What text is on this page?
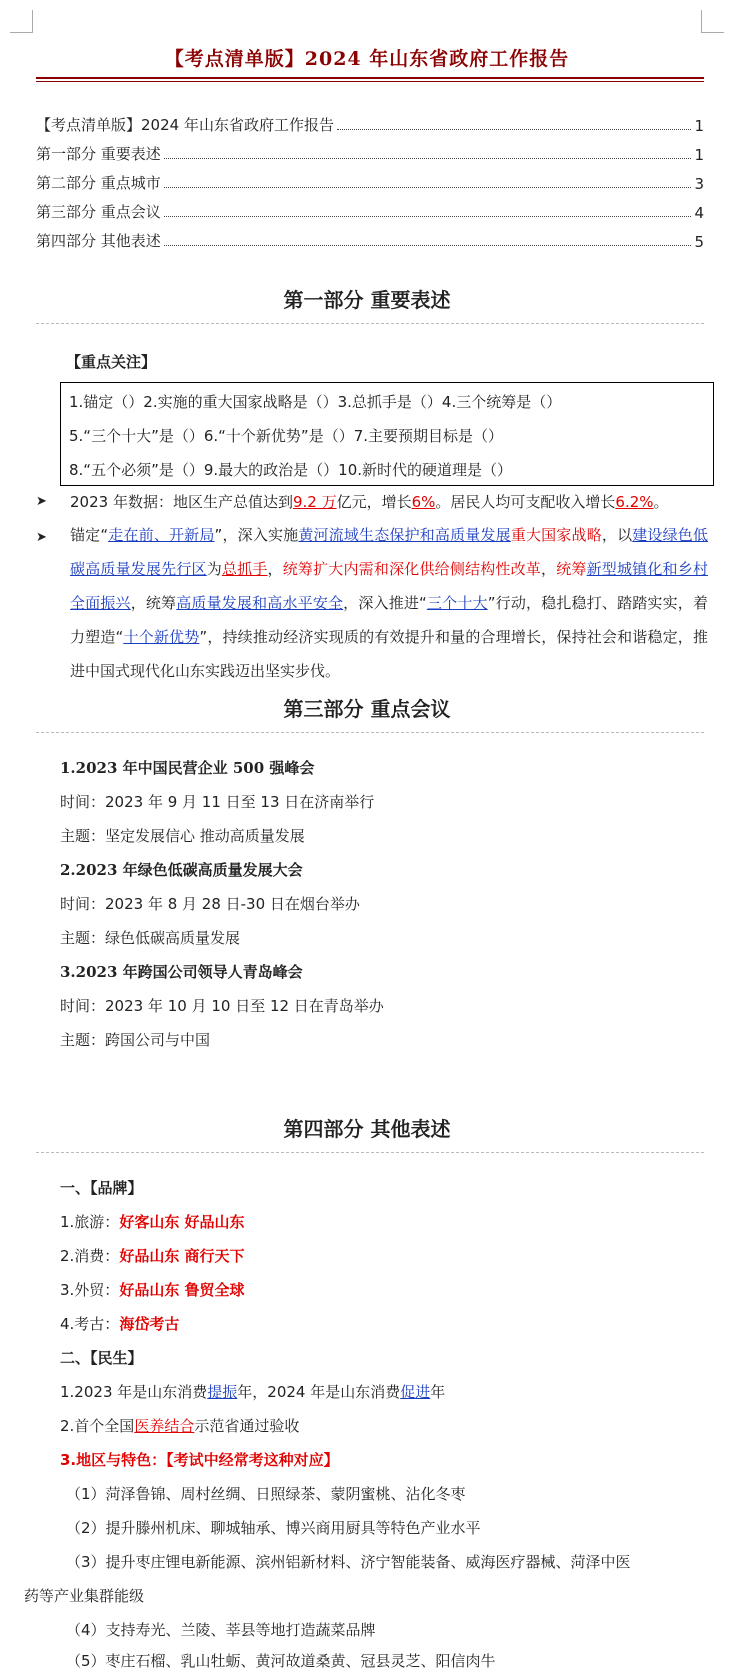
【考点清单版】2024 年山东省政府工作报告
【考点清单版】2024 年山东省政府工作报告	1
第一部分 重要表述	1
第二部分 重点城市	3
第三部分 重点会议	4
第四部分 其他表述	5
第一部分 重要表述
【重点关注】
1.锚定（）2.实施的重大国家战略是（）3.总抓手是（）4.三个统筹是（）
5.“三个十大”是（）6.“十个新优势”是（）7.主要预期目标是（）
8.“五个必须”是（）9.最大的政治是（）10.新时代的硬道理是（）
➤ 2023 年数据：地区生产总值达到9.2 万亿元，增长6%。居民人均可支配收入增长6.2%。
➤ 锚定“走在前、开新局”，深入实施黄河流域生态保护和高质量发展重大国家战略，以建设绿色低碳高质量发展先行区为总抓手，统筹扩大内需和深化供给侧结构性改革，统筹新型城镇化和乡村全面振兴，统筹高质量发展和高水平安全，深入推进“三个十大”行动，稳扎稳打、踏踏实实，着力塑造“十个新优势”，持续推动经济实现质的有效提升和量的合理增长，保持社会和谐稳定，推进中国式现代化山东实践迈出坚实步伐。
第三部分 重点会议
1.2023 年中国民营企业 500 强峰会
时间：2023 年 9 月 11 日至 13 日在济南举行
主题：坚定发展信心 推动高质量发展
2.2023 年绿色低碳高质量发展大会
时间：2023 年 8 月 28 日-30 日在烟台举办
主题：绿色低碳高质量发展
3.2023 年跨国公司领导人青岛峰会
时间：2023 年 10 月 10 日至 12 日在青岛举办
主题：跨国公司与中国
第四部分 其他表述
一、【品牌】
1.旅游：好客山东 好品山东
2.消费：好品山东 商行天下
3.外贸：好品山东 鲁贸全球
4.考古：海岱考古
二、【民生】
1.2023 年是山东消费提振年，2024 年是山东消费促进年
2.首个全国医养结合示范省通过验收
3.地区与特色：【考试中经常考这种对应】
（1）菏泽鲁锦、周村丝绸、日照绿茶、蒙阴蜜桃、沾化冬枣
（2）提升滕州机床、聊城轴承、博兴商用厨具等特色产业水平
（3）提升枣庄锂电新能源、滨州铝新材料、济宁智能装备、威海医疗器械、菏泽中医
药等产业集群能级
（4）支持寿光、兰陵、莘县等地打造蔬菜品牌
（5）枣庄石榴、乳山牡蛎、黄河故道桑黄、冠县灵芝、阳信肉牛
